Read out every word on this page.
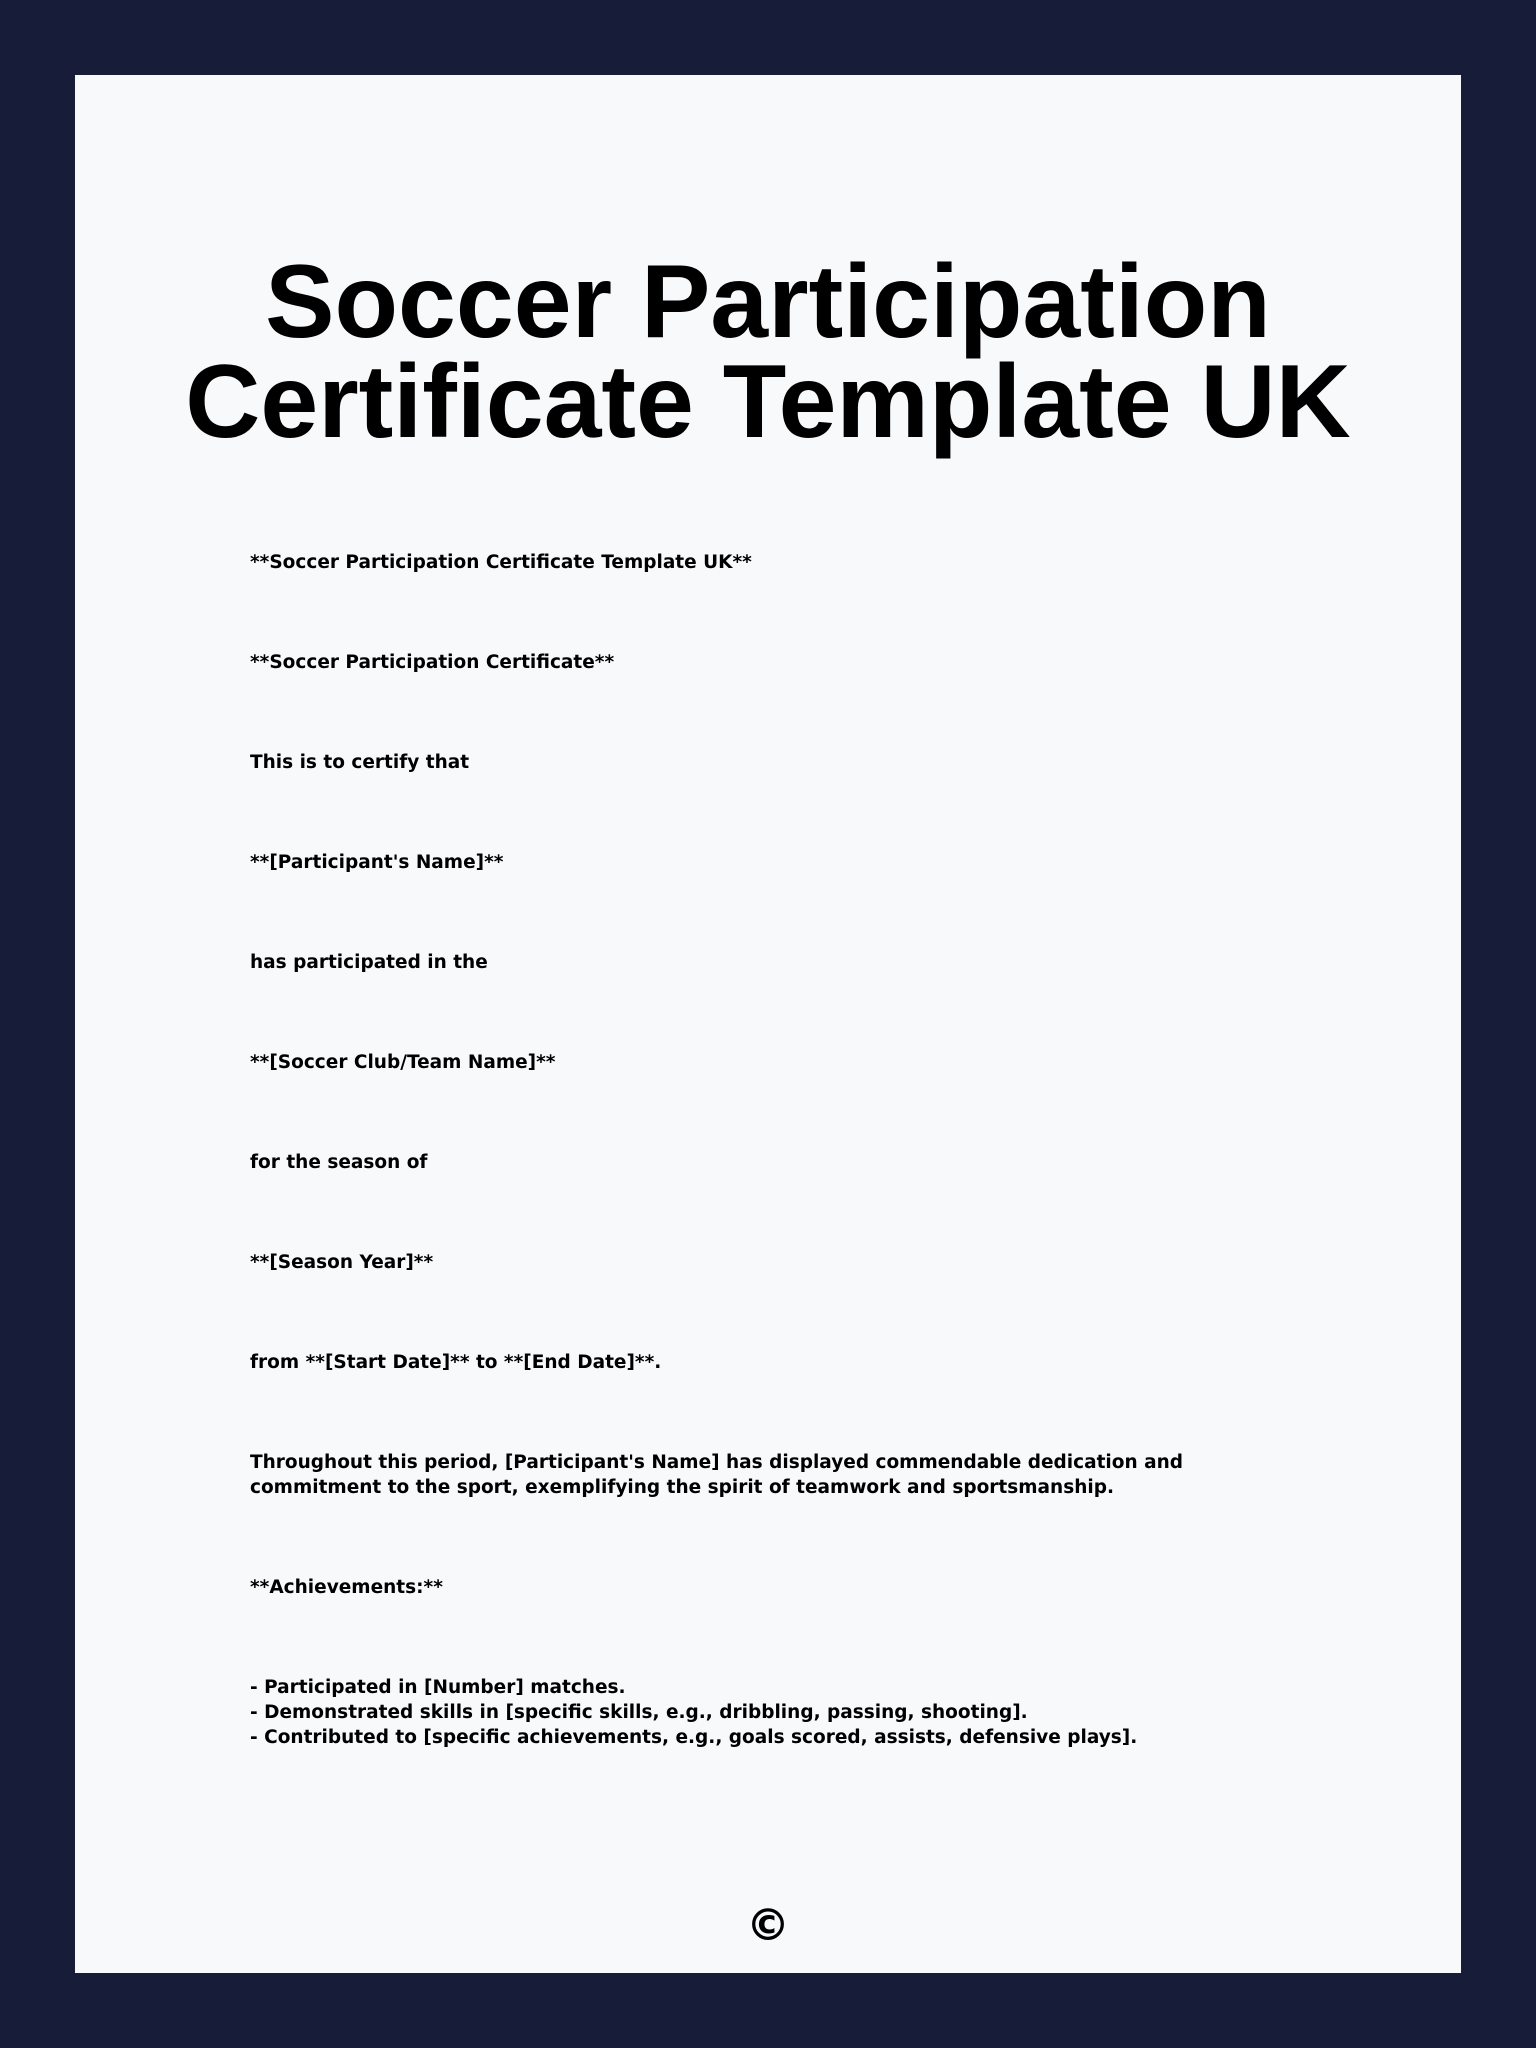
Soccer Participation Certificate Template UK

**Soccer Participation Certificate Template UK**

**Soccer Participation Certificate**

This is to certify that

**[Participant's Name]**

has participated in the

**[Soccer Club/Team Name]**

for the season of

**[Season Year]**

from **[Start Date]** to **[End Date]**.

Throughout this period, [Participant's Name] has displayed commendable dedication and commitment to the sport, exemplifying the spirit of teamwork and sportsmanship.

**Achievements:**

- Participated in [Number] matches.
- Demonstrated skills in [specific skills, e.g., dribbling, passing, shooting].
- Contributed to [specific achievements, e.g., goals scored, assists, defensive plays].

©
